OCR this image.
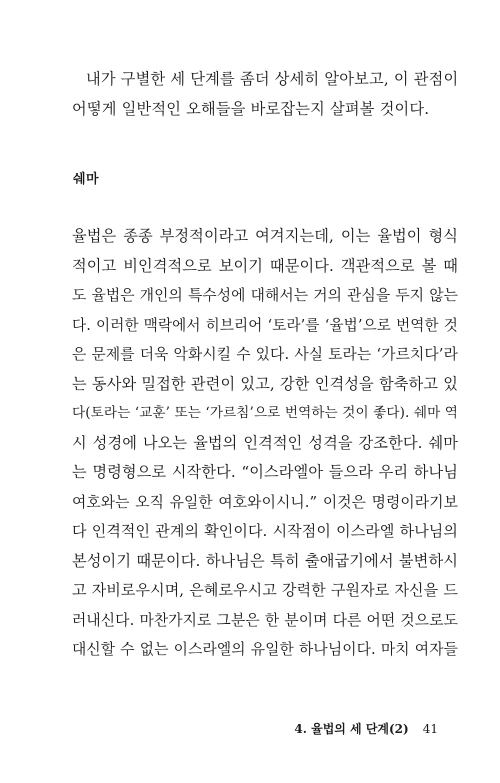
내가 구별한 세 단계를 좀더 상세히 알아보고, 이 관점이
어떻게 일반적인 오해들을 바로잡는지 살펴볼 것이다.
쉐마
율법은 종종 부정적이라고 여겨지는데, 이는 율법이 형식
적이고 비인격적으로 보이기 때문이다. 객관적으로 볼 때
도 율법은 개인의 특수성에 대해서는 거의 관심을 두지 않는
다. 이러한 맥락에서 히브리어 ‘토라’를 ‘율법’으로 번역한 것
은 문제를 더욱 악화시킬 수 있다. 사실 토라는 ‘가르치다’라
는 동사와 밀접한 관련이 있고, 강한 인격성을 함축하고 있
다(토라는 ‘교훈’ 또는 ‘가르침’으로 번역하는 것이 좋다). 쉐마 역
시 성경에 나오는 율법의 인격적인 성격을 강조한다. 쉐마
는 명령형으로 시작한다. “이스라엘아 들으라 우리 하나님
여호와는 오직 유일한 여호와이시니.” 이것은 명령이라기보
다 인격적인 관계의 확인이다. 시작점이 이스라엘 하나님의
본성이기 때문이다. 하나님은 특히 출애굽기에서 불변하시
고 자비로우시며, 은혜로우시고 강력한 구원자로 자신을 드
러내신다. 마찬가지로 그분은 한 분이며 다른 어떤 것으로도
대신할 수 없는 이스라엘의 유일한 하나님이다. 마치 여자들
4. 율법의 세 단계(2) 41
